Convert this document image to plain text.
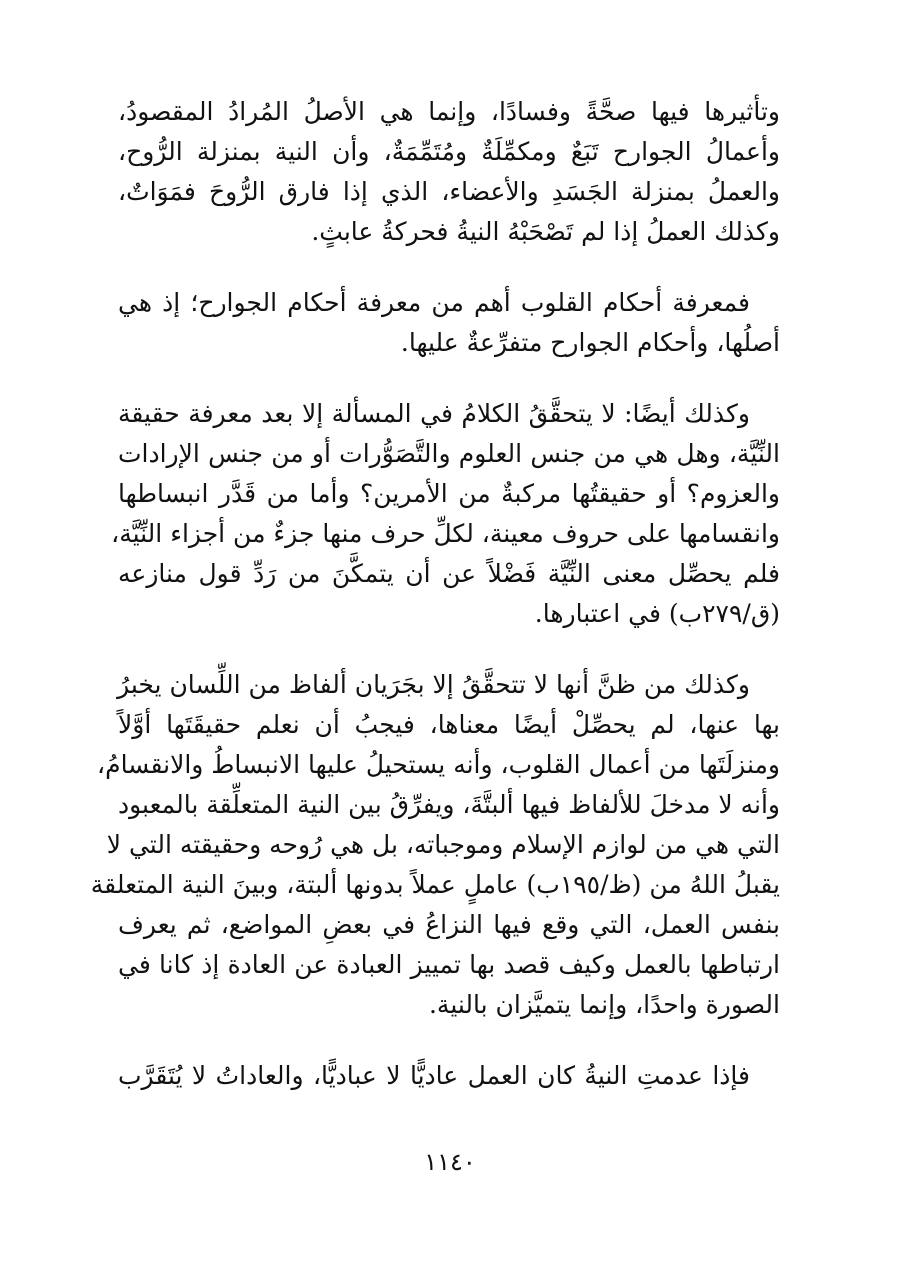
وتأثيرها فيها صحَّةً وفسادًا، وإنما هي الأصلُ المُرادُ المقصودُ،
وأعمالُ الجوارح تَبَعٌ ومكمِّلَةٌ ومُتَمِّمَةٌ، وأن النية بمنزلة الرُّوح،
والعملُ بمنزلة الجَسَدِ والأعضاء، الذي إذا فارق الرُّوحَ فمَوَاتٌ،
وكذلك العملُ إذا لم تَصْحَبْهُ النيةُ فحركةُ عابثٍ.

فمعرفة أحكام القلوب أهم من معرفة أحكام الجوارح؛ إذ هي
أصلُها، وأحكام الجوارح متفرِّعةٌ عليها.

وكذلك أيضًا: لا يتحقَّقُ الكلامُ في المسألة إلا بعد معرفة حقيقة
النِّيَّة، وهل هي من جنس العلوم والتَّصَوُّرات أو من جنس الإرادات
والعزوم؟ أو حقيقتُها مركبةٌ من الأمرين؟ وأما من قَدَّر انبساطها
وانقسامها على حروف معينة، لكلِّ حرف منها جزءٌ من أجزاء النِّيَّة،
فلم يحصِّل معنى النِّيَّة فَضْلاً عن أن يتمكَّنَ من رَدِّ قول منازعه
(ق/٢٧٩ب) في اعتبارها.

وكذلك من ظنَّ أنها لا تتحقَّقُ إلا بجَرَيان ألفاظ من اللِّسان يخبرُ
بها عنها، لم يحصِّلْ أيضًا معناها، فيجبُ أن نعلم حقيقَتَها أوَّلاً
ومنزلَتَها من أعمال القلوب، وأنه يستحيلُ عليها الانبساطُ والانقسامُ،
وأنه لا مدخلَ للألفاظ فيها ألبتَّةَ، ويفرِّقُ بين النية المتعلِّقة بالمعبود
التي هي من لوازم الإسلام وموجباته، بل هي رُوحه وحقيقته التي لا
يقبلُ اللهُ من (ظ/١٩٥ب) عاملٍ عملاً بدونها ألبتة، وبينَ النية المتعلقة
بنفس العمل، التي وقع فيها النزاعُ في بعضِ المواضع، ثم يعرف
ارتباطها بالعمل وكيف قصد بها تمييز العبادة عن العادة إذ كانا في
الصورة واحدًا، وإنما يتميَّزان بالنية.

فإذا عدمتِ النيةُ كان العمل عاديًّا لا عباديًّا، والعاداتُ لا يُتَقَرَّب

١١٤٠
